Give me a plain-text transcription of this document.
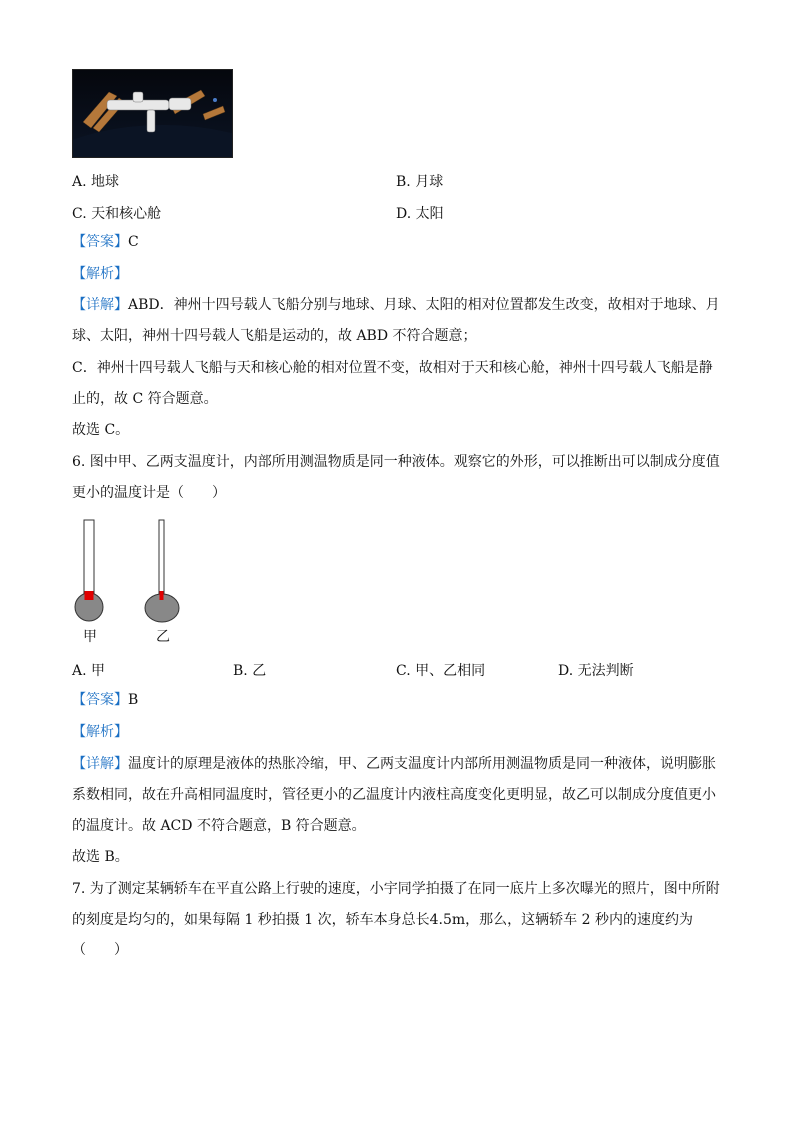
A. 地球	B. 月球
C. 天和核心舱	D. 太阳
【答案】C
【解析】
【详解】ABD．神州十四号载人飞船分别与地球、月球、太阳的相对位置都发生改变，故相对于地球、月
球、太阳，神州十四号载人飞船是运动的，故 ABD 不符合题意；
C．神州十四号载人飞船与天和核心舱的相对位置不变，故相对于天和核心舱，神州十四号载人飞船是静
止的，故 C 符合题意。
故选 C。
6. 图中甲、乙两支温度计，内部所用测温物质是同一种液体。观察它的外形，可以推断出可以制成分度值
更小的温度计是（　　）
甲	乙
A. 甲	B. 乙	C. 甲、乙相同	D. 无法判断
【答案】B
【解析】
【详解】温度计的原理是液体的热胀冷缩，甲、乙两支温度计内部所用测温物质是同一种液体，说明膨胀
系数相同，故在升高相同温度时，管径更小的乙温度计内液柱高度变化更明显，故乙可以制成分度值更小
的温度计。故 ACD 不符合题意，B 符合题意。
故选 B。
7. 为了测定某辆轿车在平直公路上行驶的速度，小宇同学拍摄了在同一底片上多次曝光的照片，图中所附
的刻度是均匀的，如果每隔 1 秒拍摄 1 次，轿车本身总长4.5m，那么，这辆轿车 2 秒内的速度约为
（　　）
